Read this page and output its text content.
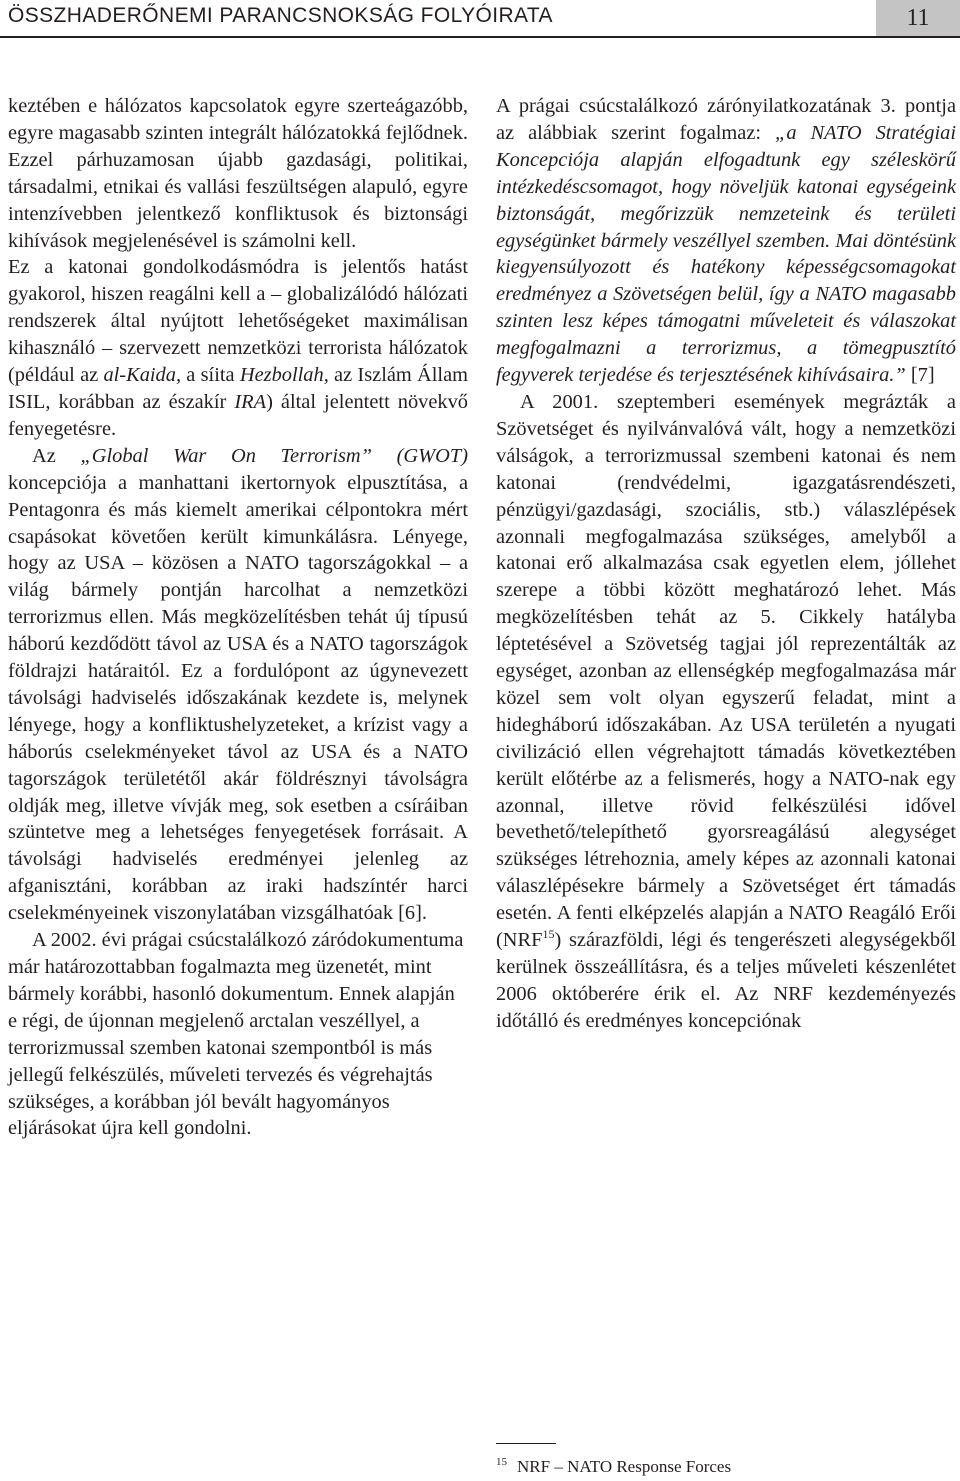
ÖSSZHADERŐNEMI PARANCSNOKSÁG FOLYÓIRATA	11

keztében e hálózatos kapcsolatok egyre szerteágazóbb, egyre magasabb szinten integrált hálózatokká fejlődnek. Ezzel párhuzamosan újabb gazdasági, politikai, társadalmi, etnikai és vallási feszültségen alapuló, egyre intenzívebben jelentkező konfliktusok és biztonsági kihívások megjelenésével is számolni kell.

Ez a katonai gondolkodásmódra is jelentős hatást gyakorol, hiszen reagálni kell a – globalizálódó hálózati rendszerek által nyújtott lehetőségeket maximálisan kihasználó – szervezett nemzetközi terrorista hálózatok (például az al-Kaida, a síita Hezbollah, az Iszlám Állam ISIL, korábban az északír IRA) által jelentett növekvő fenyegetésre.

Az „Global War On Terrorism” (GWOT) koncepciója a manhattani ikertornyok elpusztítása, a Pentagonra és más kiemelt amerikai célpontokra mért csapásokat követően került kimunkálásra. Lényege, hogy az USA – közösen a NATO tagországokkal – a világ bármely pontján harcolhat a nemzetközi terrorizmus ellen. Más megközelítésben tehát új típusú háború kezdődött távol az USA és a NATO tagországok földrajzi határaitól. Ez a fordulópont az úgynevezett távolsági hadviselés időszakának kezdete is, melynek lényege, hogy a konfliktushelyzeteket, a krízist vagy a háborús cselekményeket távol az USA és a NATO tagországok területétől akár földrésznyi távolságra oldják meg, illetve vívják meg, sok esetben a csíráiban szüntetve meg a lehetséges fenyegetések forrásait. A távolsági hadviselés eredményei jelenleg az afganisztáni, korábban az iraki hadszíntér harci cselekményeinek viszonylatában vizsgálhatóak [6].

A 2002. évi prágai csúcstalálkozó záródokumentuma már határozottabban fogalmazta meg üzenetét, mint bármely korábbi, hasonló dokumentum. Ennek alapján e régi, de újonnan megjelenő arctalan veszéllyel, a terrorizmussal szemben katonai szempontból is más jellegű felkészülés, műveleti tervezés és végrehajtás szükséges, a korábban jól bevált hagyományos eljárásokat újra kell gondolni.

A prágai csúcstalálkozó zárónyilatkozatának 3. pontja az alábbiak szerint fogalmaz: „a NATO Stratégiai Koncepciója alapján elfogadtunk egy széleskörű intézkedéscsomagot, hogy növeljük katonai egységeink biztonságát, megőrizzük nemzeteink és területi egységünket bármely veszéllyel szemben. Mai döntésünk kiegyensúlyozott és hatékony képességcsomagokat eredményez a Szövetségen belül, így a NATO magasabb szinten lesz képes támogatni műveleteit és válaszokat megfogalmazni a terrorizmus, a tömegpusztító fegyverek terjedése és terjesztésének kihívásaira.” [7]

A 2001. szeptemberi események megrázták a Szövetséget és nyilvánvalóvá vált, hogy a nemzetközi válságok, a terrorizmussal szembeni katonai és nem katonai (rendvédelmi, igazgatásrendészeti, pénzügyi/gazdasági, szociális, stb.) válaszlépések azonnali megfogalmazása szükséges, amelyből a katonai erő alkalmazása csak egyetlen elem, jóllehet szerepe a többi között meghatározó lehet. Más megközelítésben tehát az 5. Cikkely hatályba léptetésével a Szövetség tagjai jól reprezentálták az egységet, azonban az ellenségkép megfogalmazása már közel sem volt olyan egyszerű feladat, mint a hidegháború időszakában. Az USA területén a nyugati civilizáció ellen végrehajtott támadás következtében került előtérbe az a felismerés, hogy a NATO-nak egy azonnal, illetve rövid felkészülési idővel bevethető/telepíthető gyorsreagálású alegységet szükséges létrehoznia, amely képes az azonnali katonai válaszlépésekre bármely a Szövetséget ért támadás esetén. A fenti elképzelés alapján a NATO Reagáló Erői (NRF$^{15}$) szárazföldi, légi és tengerészeti alegységekből kerülnek összeállításra, és a teljes műveleti készenlétet 2006 októberére érik el. Az NRF kezdeményezés időtálló és eredményes koncepciónak

$^{15}$ NRF – NATO Response Forces
